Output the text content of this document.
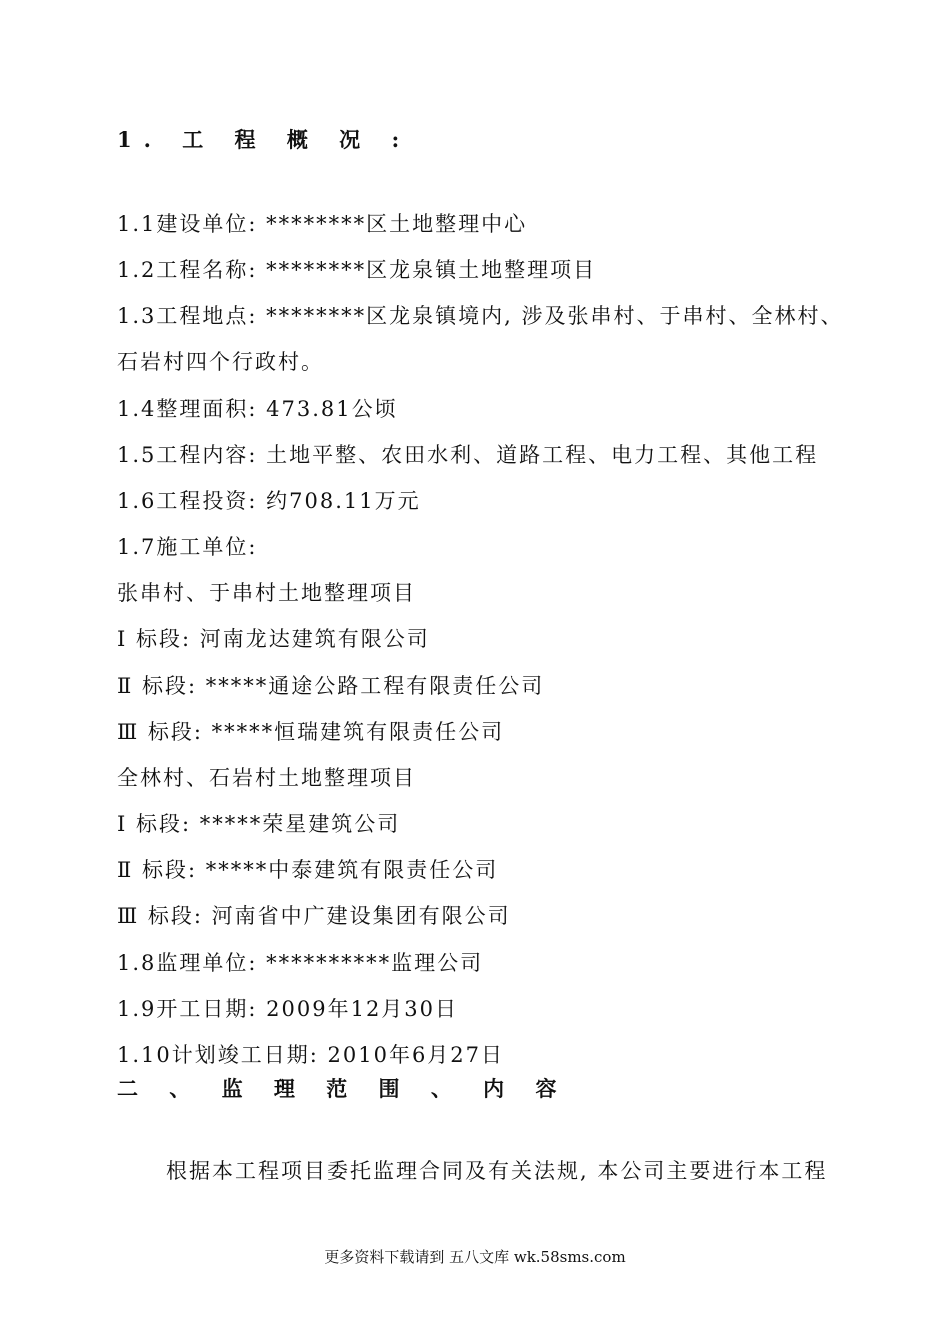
1. 工 程 概 况 :
1.1建设单位: ********区土地整理中心
1.2工程名称: ********区龙泉镇土地整理项目
1.3工程地点: ********区龙泉镇境内, 涉及张串村、于串村、全林村、
石岩村四个行政村。
1.4整理面积: 473.81公顷
1.5工程内容: 土地平整、农田水利、道路工程、电力工程、其他工程
1.6工程投资: 约708.11万元
1.7施工单位:
张串村、于串村土地整理项目
Ⅰ 标段: 河南龙达建筑有限公司
Ⅱ 标段: *****通途公路工程有限责任公司
Ⅲ 标段: *****恒瑞建筑有限责任公司
全林村、石岩村土地整理项目
Ⅰ 标段: *****荣星建筑公司
Ⅱ 标段: *****中泰建筑有限责任公司
Ⅲ 标段: 河南省中广建设集团有限公司
1.8监理单位: **********监理公司
1.9开工日期: 2009年12月30日
1.10计划竣工日期: 2010年6月27日
二 、 监 理 范 围 、 内 容
根据本工程项目委托监理合同及有关法规, 本公司主要进行本工程
更多资料下载请到 五八文库 wk.58sms.com
